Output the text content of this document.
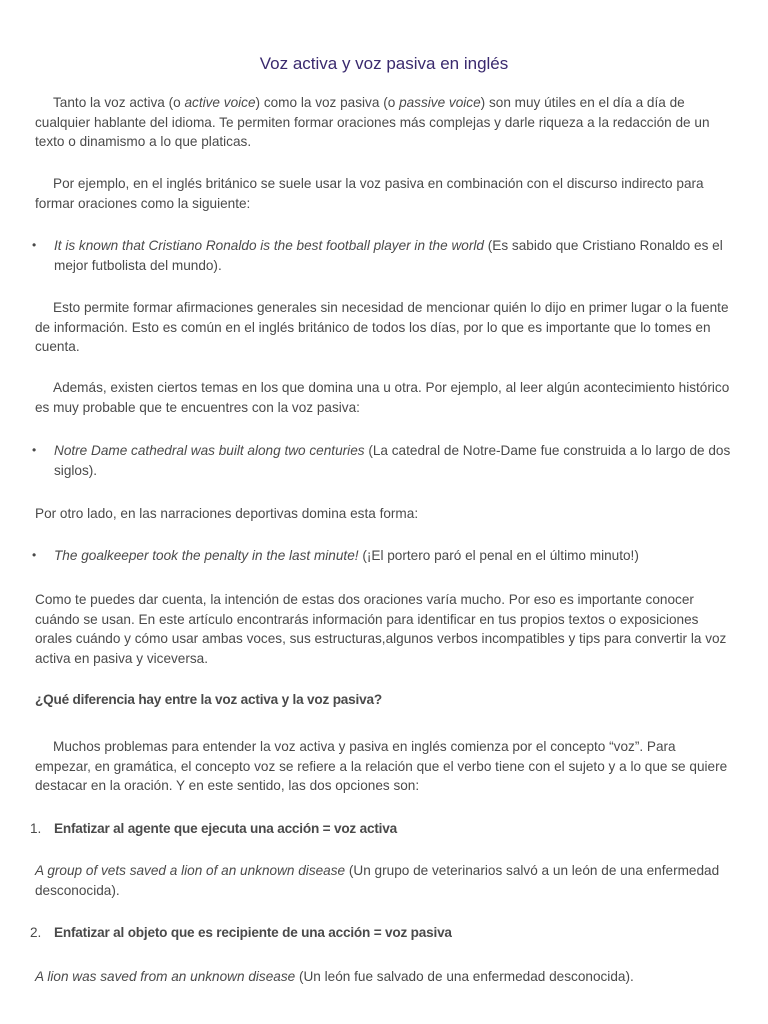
Voz activa y voz pasiva en inglés

Tanto la voz activa (o active voice) como la voz pasiva (o passive voice) son muy útiles en el día a día de cualquier hablante del idioma. Te permiten formar oraciones más complejas y darle riqueza a la redacción de un texto o dinamismo a lo que platicas.

Por ejemplo, en el inglés británico se suele usar la voz pasiva en combinación con el discurso indirecto para formar oraciones como la siguiente:

• It is known that Cristiano Ronaldo is the best football player in the world (Es sabido que Cristiano Ronaldo es el mejor futbolista del mundo).

Esto permite formar afirmaciones generales sin necesidad de mencionar quién lo dijo en primer lugar o la fuente de información. Esto es común en el inglés británico de todos los días, por lo que es importante que lo tomes en cuenta.

Además, existen ciertos temas en los que domina una u otra. Por ejemplo, al leer algún acontecimiento histórico es muy probable que te encuentres con la voz pasiva:

• Notre Dame cathedral was built along two centuries (La catedral de Notre-Dame fue construida a lo largo de dos siglos).

Por otro lado, en las narraciones deportivas domina esta forma:

• The goalkeeper took the penalty in the last minute! (¡El portero paró el penal en el último minuto!)

Como te puedes dar cuenta, la intención de estas dos oraciones varía mucho. Por eso es importante conocer cuándo se usan. En este artículo encontrarás información para identificar en tus propios textos o exposiciones orales cuándo y cómo usar ambas voces, sus estructuras,algunos verbos incompatibles y tips para convertir la voz activa en pasiva y viceversa.

¿Qué diferencia hay entre la voz activa y la voz pasiva?

Muchos problemas para entender la voz activa y pasiva en inglés comienza por el concepto “voz”. Para empezar, en gramática, el concepto voz se refiere a la relación que el verbo tiene con el sujeto y a lo que se quiere destacar en la oración. Y en este sentido, las dos opciones son:

1. Enfatizar al agente que ejecuta una acción = voz activa

A group of vets saved a lion of an unknown disease (Un grupo de veterinarios salvó a un león de una enfermedad desconocida).

2. Enfatizar al objeto que es recipiente de una acción = voz pasiva

A lion was saved from an unknown disease (Un león fue salvado de una enfermedad desconocida).
